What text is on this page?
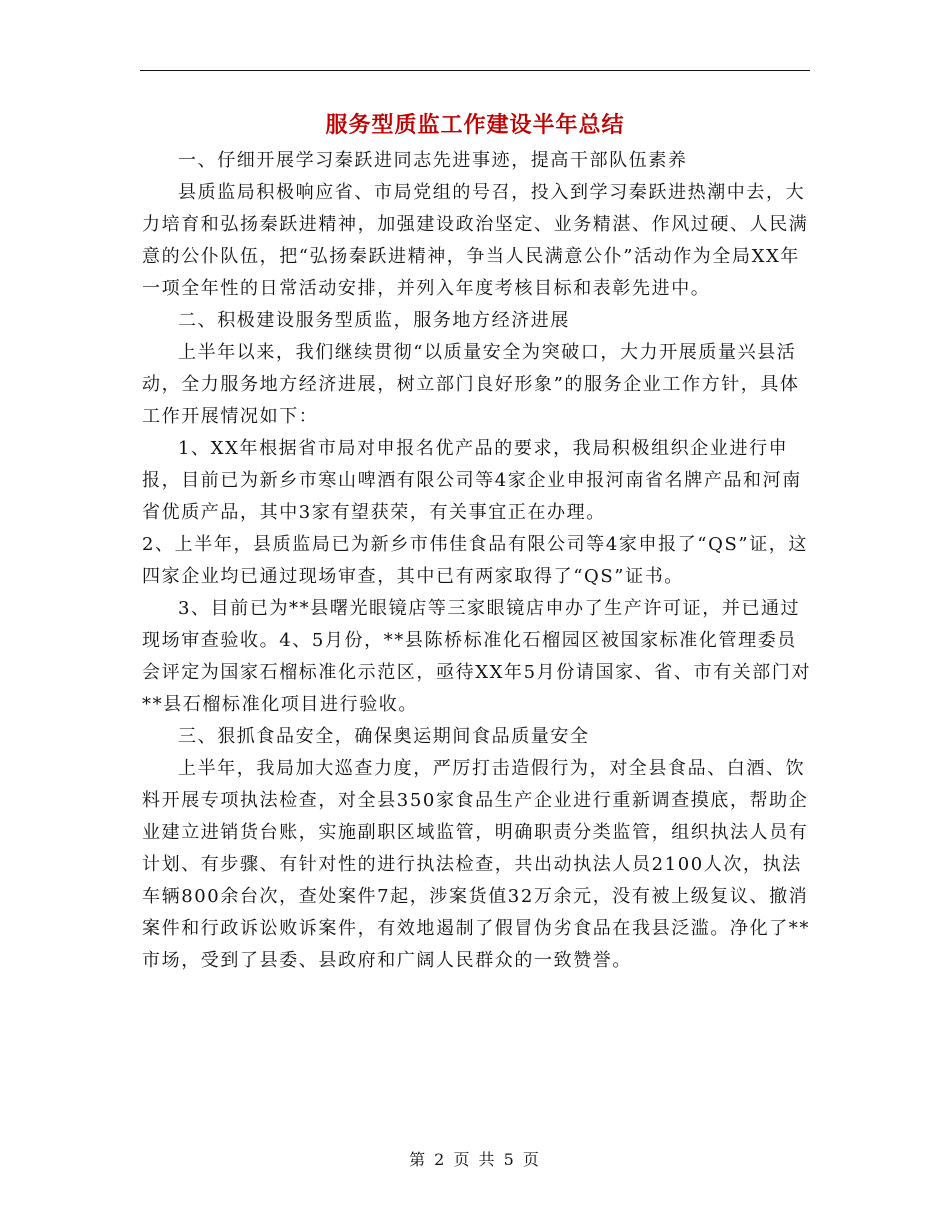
服务型质监工作建设半年总结

一、仔细开展学习秦跃进同志先进事迹，提高干部队伍素养

县质监局积极响应省、市局党组的号召，投入到学习秦跃进热潮中去，大力培育和弘扬秦跃进精神，加强建设政治坚定、业务精湛、作风过硬、人民满意的公仆队伍，把“弘扬秦跃进精神，争当人民满意公仆”活动作为全局XX年一项全年性的日常活动安排，并列入年度考核目标和表彰先进中。

二、积极建设服务型质监，服务地方经济进展

上半年以来，我们继续贯彻“以质量安全为突破口，大力开展质量兴县活动，全力服务地方经济进展，树立部门良好形象”的服务企业工作方针，具体工作开展情况如下：

1、XX年根据省市局对申报名优产品的要求，我局积极组织企业进行申报，目前已为新乡市寒山啤酒有限公司等4家企业申报河南省名牌产品和河南省优质产品，其中3家有望获荣，有关事宜正在办理。

2、上半年，县质监局已为新乡市伟佳食品有限公司等4家申报了“QS”证，这四家企业均已通过现场审查，其中已有两家取得了“QS”证书。

3、目前已为**县曙光眼镜店等三家眼镜店申办了生产许可证，并已通过现场审查验收。4、5月份，**县陈桥标准化石榴园区被国家标准化管理委员会评定为国家石榴标准化示范区，亟待XX年5月份请国家、省、市有关部门对**县石榴标准化项目进行验收。

三、狠抓食品安全，确保奥运期间食品质量安全

上半年，我局加大巡查力度，严厉打击造假行为，对全县食品、白酒、饮料开展专项执法检查，对全县350家食品生产企业进行重新调查摸底，帮助企业建立进销货台账，实施副职区域监管，明确职责分类监管，组织执法人员有计划、有步骤、有针对性的进行执法检查，共出动执法人员2100人次，执法车辆800余台次，查处案件7起，涉案货值32万余元，没有被上级复议、撤消案件和行政诉讼败诉案件，有效地遏制了假冒伪劣食品在我县泛滥。净化了**市场，受到了县委、县政府和广阔人民群众的一致赞誉。

第 2 页 共 5 页
